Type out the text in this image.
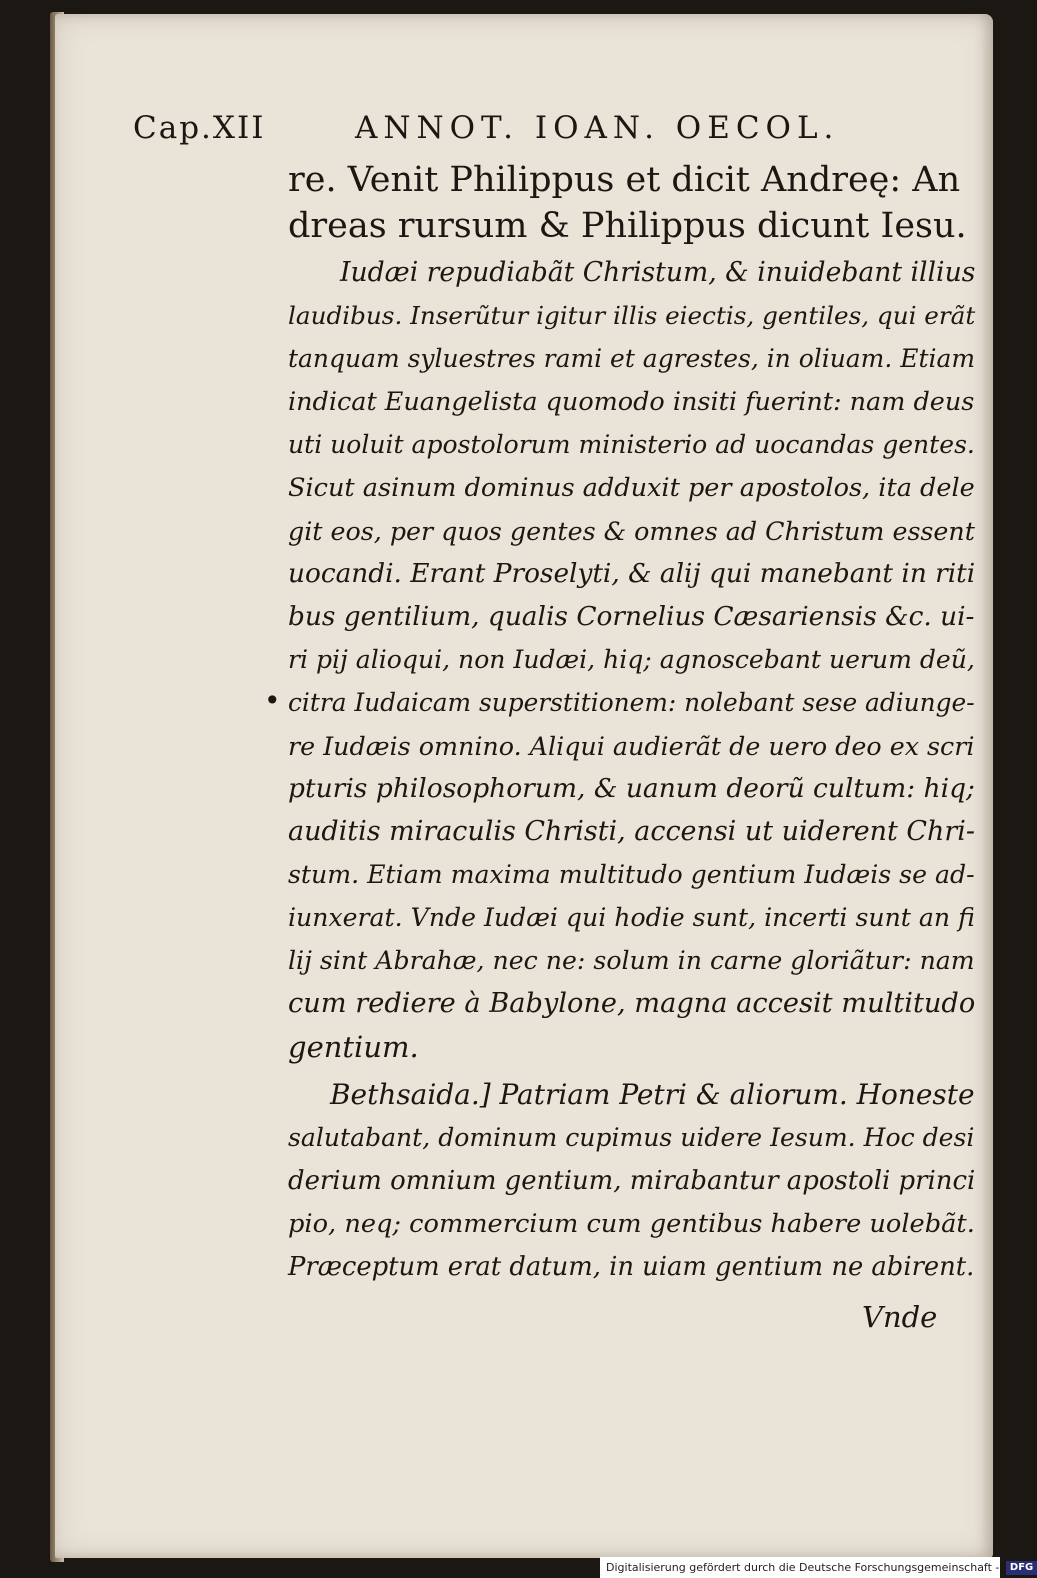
Cap.XII	ANNOT. IOAN. OECOL.
re. Venit Philippus et dicit Andreę: An
dreas rursum & Philippus dicunt Iesu.
Iudæi repudiabãt Christum, & inuidebant illius
laudibus. Inserũtur igitur illis eiectis, gentiles, qui erãt
tanquam syluestres rami et agrestes, in oliuam. Etiam
indicat Euangelista quomodo insiti fuerint: nam deus
uti uoluit apostolorum ministerio ad uocandas gentes.
Sicut asinum dominus adduxit per apostolos, ita dele
git eos, per quos gentes & omnes ad Christum essent
uocandi. Erant Proselyti, & alij qui manebant in riti
bus gentilium, qualis Cornelius Cæsariensis &c. ui-
ri pij alioqui, non Iudæi, hiq; agnoscebant uerum deũ,
citra Iudaicam superstitionem: nolebant sese adiunge-
re Iudæis omnino. Aliqui audierãt de uero deo ex scri
pturis philosophorum, & uanum deorũ cultum: hiq;
auditis miraculis Christi, accensi ut uiderent Chri-
stum. Etiam maxima multitudo gentium Iudæis se ad-
iunxerat. Vnde Iudæi qui hodie sunt, incerti sunt an fi
lij sint Abrahæ, nec ne: solum in carne gloriãtur: nam
cum rediere à Babylone, magna accesit multitudo
gentium.
Bethsaida.] Patriam Petri & aliorum. Honeste
salutabant, dominum cupimus uidere Iesum. Hoc desi
derium omnium gentium, mirabantur apostoli princi
pio, neq; commercium cum gentibus habere uolebãt.
Præceptum erat datum, in uiam gentium ne abirent.
Vnde
•
Digitalisierung gefördert durch die Deutsche Forschungsgemeinschaft - DFG
